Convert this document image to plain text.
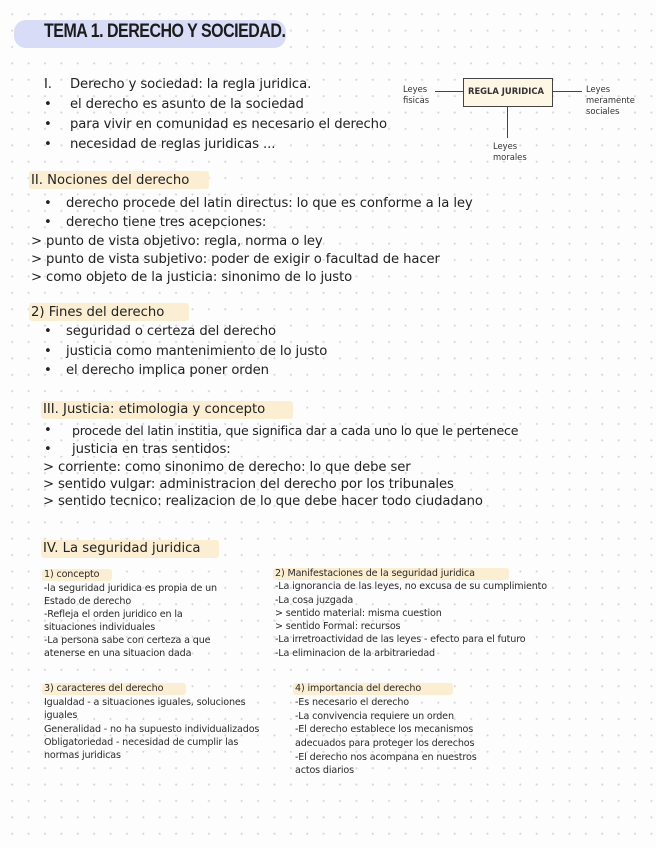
TEMA 1. DERECHO Y SOCIEDAD.
I. Derecho y sociedad: la regla juridica.
• el derecho es asunto de la sociedad
• para vivir en comunidad es necesario el derecho
• necesidad de reglas juridicas ...
REGLA JURIDICA
Leyes
fisicas
Leyes
meramente
sociales
Leyes
morales
II. Nociones del derecho
• derecho procede del latin directus: lo que es conforme a la ley
• derecho tiene tres acepciones:
> punto de vista objetivo: regla, norma o ley
> punto de vista subjetivo: poder de exigir o facultad de hacer
> como objeto de la justicia: sinonimo de lo justo
2) Fines del derecho
• seguridad o certeza del derecho
• justicia como mantenimiento de lo justo
• el derecho implica poner orden
III. Justicia: etimologia y concepto
• procede del latin institia, que significa dar a cada uno lo que le pertenece
• justicia en tras sentidos:
> corriente: como sinonimo de derecho: lo que debe ser
> sentido vulgar: administracion del derecho por los tribunales
> sentido tecnico: realizacion de lo que debe hacer todo ciudadano
IV. La seguridad juridica
1) concepto
-la seguridad juridica es propia de un
Estado de derecho
-Refleja el orden juridico en la
situaciones individuales
-La persona sabe con certeza a que
atenerse en una situacion dada
2) Manifestaciones de la seguridad juridica
-La ignorancia de las leyes, no excusa de su cumplimiento
-La cosa juzgada
> sentido material: misma cuestion
> sentido Formal: recursos
-La irretroactividad de las leyes - efecto para el futuro
-La eliminacion de la arbitrariedad
3) caracteres del derecho
Igualdad - a situaciones iguales, soluciones
iguales
Generalidad - no ha supuesto individualizados
Obligatoriedad - necesidad de cumplir las
normas juridicas
4) importancia del derecho
-Es necesario el derecho
-La convivencia requiere un orden
-El derecho establece los mecanismos
adecuados para proteger los derechos
-El derecho nos acompana en nuestros
actos diarios
